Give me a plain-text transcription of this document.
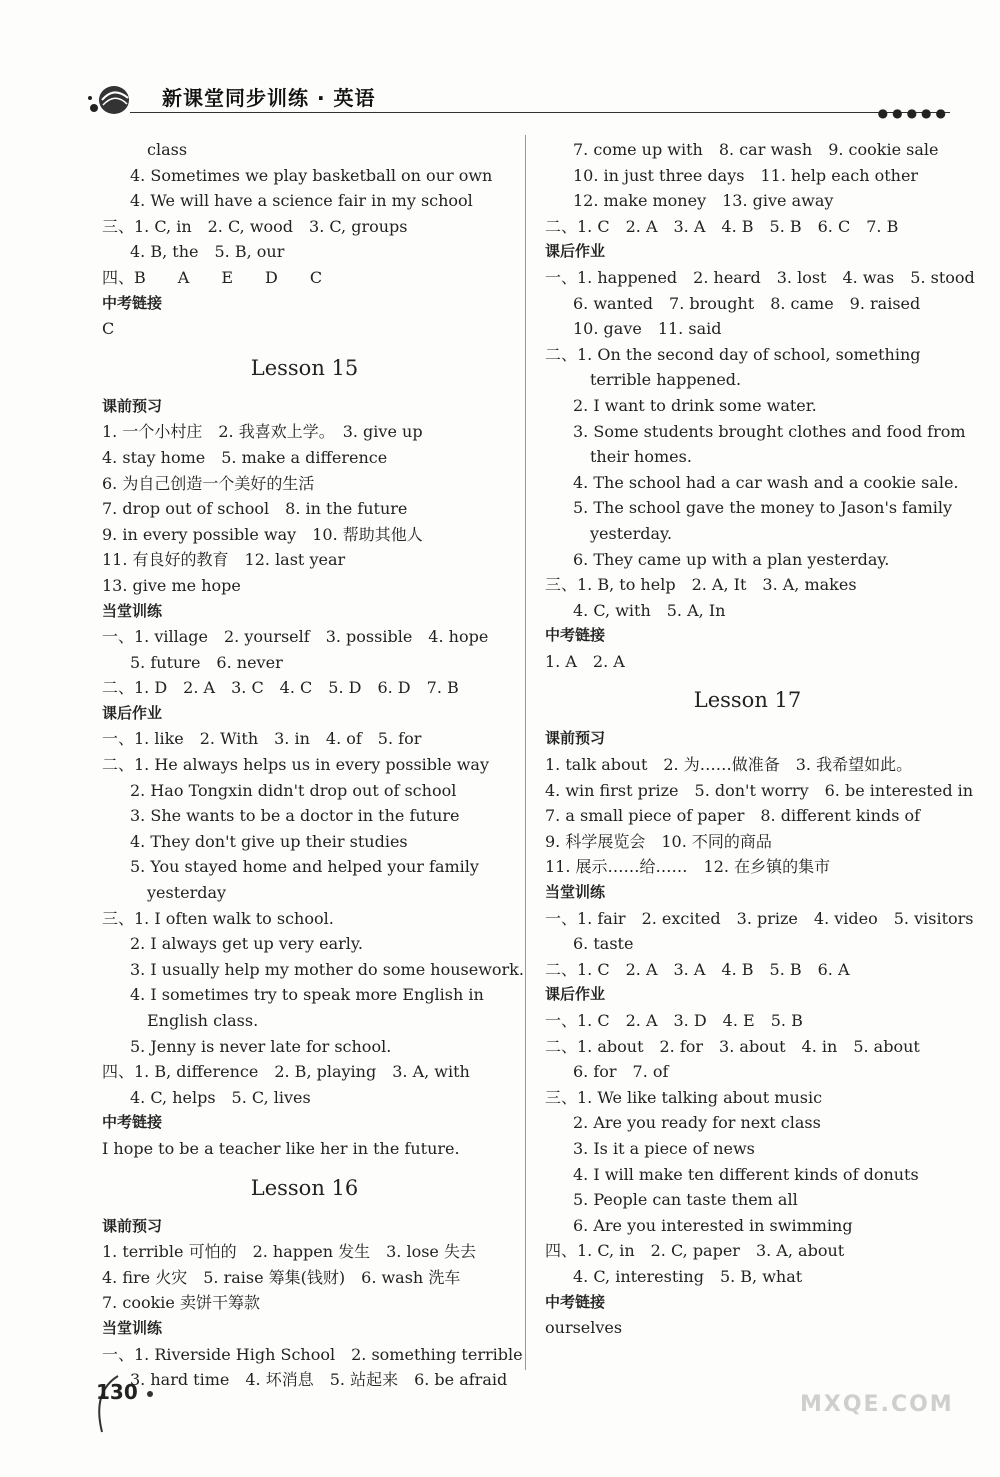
新课堂同步训练 · 英语
●●●●●
class
4. Sometimes we play basketball on our own
4. We will have a science fair in my school
三、1. C, in　2. C, wood　3. C, groups
4. B, the　5. B, our
四、B　　A　　E　　D　　C
中考链接
C
Lesson 15
课前预习
1. 一个小村庄　2. 我喜欢上学。　3. give up
4. stay home　5. make a difference
6. 为自己创造一个美好的生活
7. drop out of school　8. in the future
9. in every possible way　10. 帮助其他人
11. 有良好的教育　12. last year
13. give me hope
当堂训练
一、1. village　2. yourself　3. possible　4. hope
5. future　6. never
二、1. D　2. A　3. C　4. C　5. D　6. D　7. B
课后作业
一、1. like　2. With　3. in　4. of　5. for
二、1. He always helps us in every possible way
2. Hao Tongxin didn't drop out of school
3. She wants to be a doctor in the future
4. They don't give up their studies
5. You stayed home and helped your family
yesterday
三、1. I often walk to school.
2. I always get up very early.
3. I usually help my mother do some housework.
4. I sometimes try to speak more English in
English class.
5. Jenny is never late for school.
四、1. B, difference　2. B, playing　3. A, with
4. C, helps　5. C, lives
中考链接
I hope to be a teacher like her in the future.
Lesson 16
课前预习
1. terrible 可怕的　2. happen 发生　3. lose 失去
4. fire 火灾　5. raise 筹集(钱财)　6. wash 洗车
7. cookie 卖饼干筹款
当堂训练
一、1. Riverside High School　2. something terrible
3. hard time　4. 坏消息　5. 站起来　6. be afraid
7. come up with　8. car wash　9. cookie sale
10. in just three days　11. help each other
12. make money　13. give away
二、1. C　2. A　3. A　4. B　5. B　6. C　7. B
课后作业
一、1. happened　2. heard　3. lost　4. was　5. stood
6. wanted　7. brought　8. came　9. raised
10. gave　11. said
二、1. On the second day of school, something
terrible happened.
2. I want to drink some water.
3. Some students brought clothes and food from
their homes.
4. The school had a car wash and a cookie sale.
5. The school gave the money to Jason's family
yesterday.
6. They came up with a plan yesterday.
三、1. B, to help　2. A, It　3. A, makes
4. C, with　5. A, In
中考链接
1. A　2. A
Lesson 17
课前预习
1. talk about　2. 为……做准备　3. 我希望如此。
4. win first prize　5. don't worry　6. be interested in
7. a small piece of paper　8. different kinds of
9. 科学展览会　10. 不同的商品
11. 展示……给……　12. 在乡镇的集市
当堂训练
一、1. fair　2. excited　3. prize　4. video　5. visitors
6. taste
二、1. C　2. A　3. A　4. B　5. B　6. A
课后作业
一、1. C　2. A　3. D　4. E　5. B
二、1. about　2. for　3. about　4. in　5. about
6. for　7. of
三、1. We like talking about music
2. Are you ready for next class
3. Is it a piece of news
4. I will make ten different kinds of donuts
5. People can taste them all
6. Are you interested in swimming
四、1. C, in　2. C, paper　3. A, about
4. C, interesting　5. B, what
中考链接
ourselves
130	MXQE.COM
